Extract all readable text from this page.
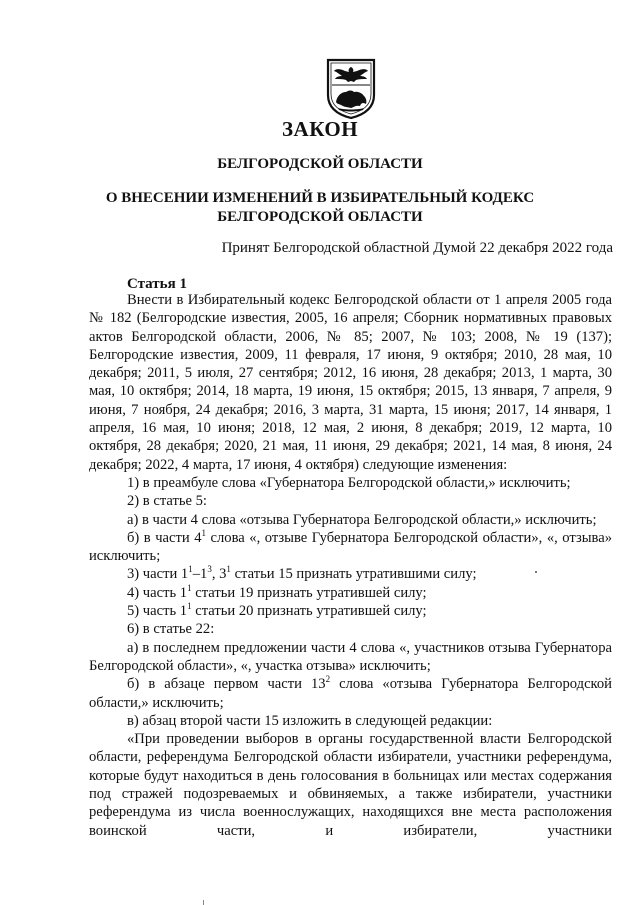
ЗАКОН
БЕЛГОРОДСКОЙ ОБЛАСТИ
О ВНЕСЕНИИ ИЗМЕНЕНИЙ В ИЗБИРАТЕЛЬНЫЙ КОДЕКС
БЕЛГОРОДСКОЙ ОБЛАСТИ

Принят Белгородской областной Думой 22 декабря 2022 года

Статья 1

Внести в Избирательный кодекс Белгородской области от 1 апреля 2005 года № 182 (Белгородские известия, 2005, 16 апреля; Сборник нормативных правовых актов Белгородской области, 2006, № 85; 2007, № 103; 2008, № 19 (137); Белгородские известия, 2009, 11 февраля, 17 июня, 9 октября; 2010, 28 мая, 10 декабря; 2011, 5 июля, 27 сентября; 2012, 16 июня, 28 декабря; 2013, 1 марта, 30 мая, 10 октября; 2014, 18 марта, 19 июня, 15 октября; 2015, 13 января, 7 апреля, 9 июня, 7 ноября, 24 декабря; 2016, 3 марта, 31 марта, 15 июня; 2017, 14 января, 1 апреля, 16 мая, 10 июня; 2018, 12 мая, 2 июня, 8 декабря; 2019, 12 марта, 10 октября, 28 декабря; 2020, 21 мая, 11 июня, 29 декабря; 2021, 14 мая, 8 июня, 24 декабря; 2022, 4 марта, 17 июня, 4 октября) следующие изменения:

1) в преамбуле слова «Губернатора Белгородской области,» исключить;

2) в статье 5:

а) в части 4 слова «отзыва Губернатора Белгородской области,» исключить;

б) в части $4^1$ слова «, отзыве Губернатора Белгородской области», «, отзыва» исключить;

3) части $1^1-1^3$, $3^1$ статьи 15 признать утратившими силу;

4) часть $1^1$ статьи 19 признать утратившей силу;

5) часть $1^1$ статьи 20 признать утратившей силу;

6) в статье 22:

а) в последнем предложении части 4 слова «, участников отзыва Губернатора Белгородской области», «, участка отзыва» исключить;

б) в абзаце первом части $13^2$ слова «отзыва Губернатора Белгородской области,» исключить;

в) абзац второй части 15 изложить в следующей редакции:

«При проведении выборов в органы государственной власти Белгородской области, референдума Белгородской области избиратели, участники референдума, которые будут находиться в день голосования в больницах или местах содержания под стражей подозреваемых и обвиняемых, а также избиратели, участники референдума из числа военнослужащих, находящихся вне места расположения воинской части, и избиратели, участники
